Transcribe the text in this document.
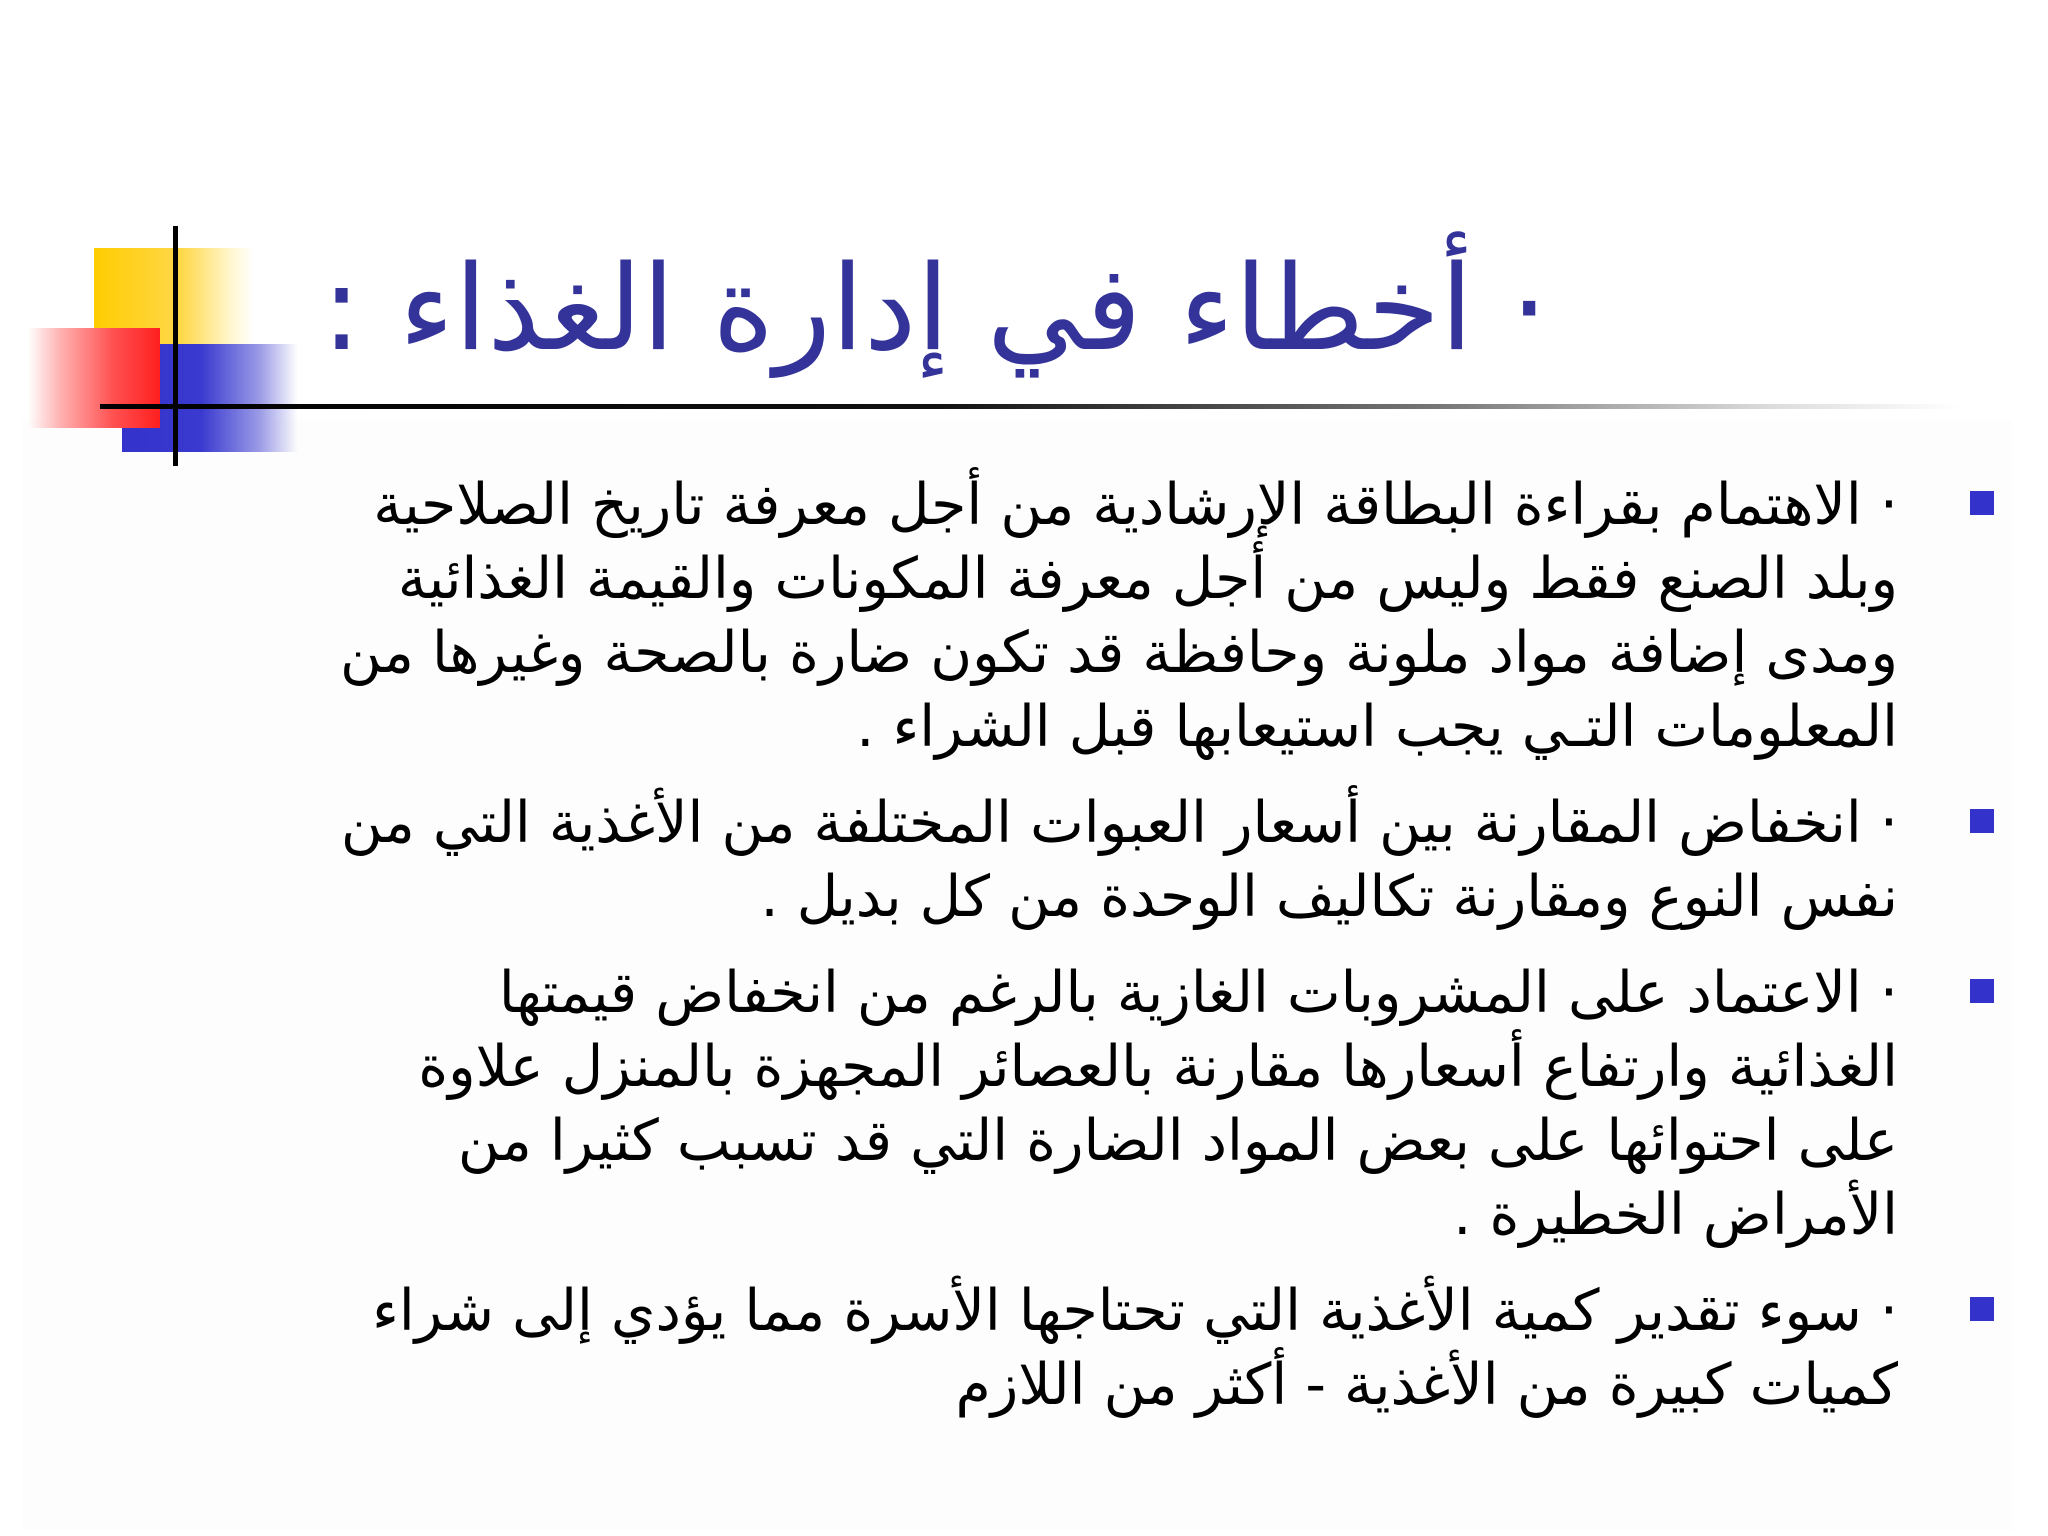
· أخطاء في إدارة الغذاء :
· الاهتمام بقراءة البطاقة الإرشادية من أجل معرفة تاريخ الصلاحية وبلد الصنع فقط وليس من أجل معرفة المكونات والقيمة الغذائية ومدى إضافة مواد ملونة وحافظة قد تكون ضارة بالصحة وغيرها من المعلومات التـي يجب استيعابها قبل الشراء .
· انخفاض المقارنة بين أسعار العبوات المختلفة من الأغذية التي من نفس النوع ومقارنة تكاليف الوحدة من كل بديل .
· الاعتماد على المشروبات الغازية بالرغم من انخفاض قيمتها الغذائية وارتفاع أسعارها مقارنة بالعصائر المجهزة بالمنزل علاوة على احتوائها على بعض المواد الضارة التي قد تسبب كثيرا من الأمراض الخطيرة .
· سوء تقدير كمية الأغذية التي تحتاجها الأسرة مما يؤدي إلى شراء كميات كبيرة من الأغذية - أكثر من اللازم
